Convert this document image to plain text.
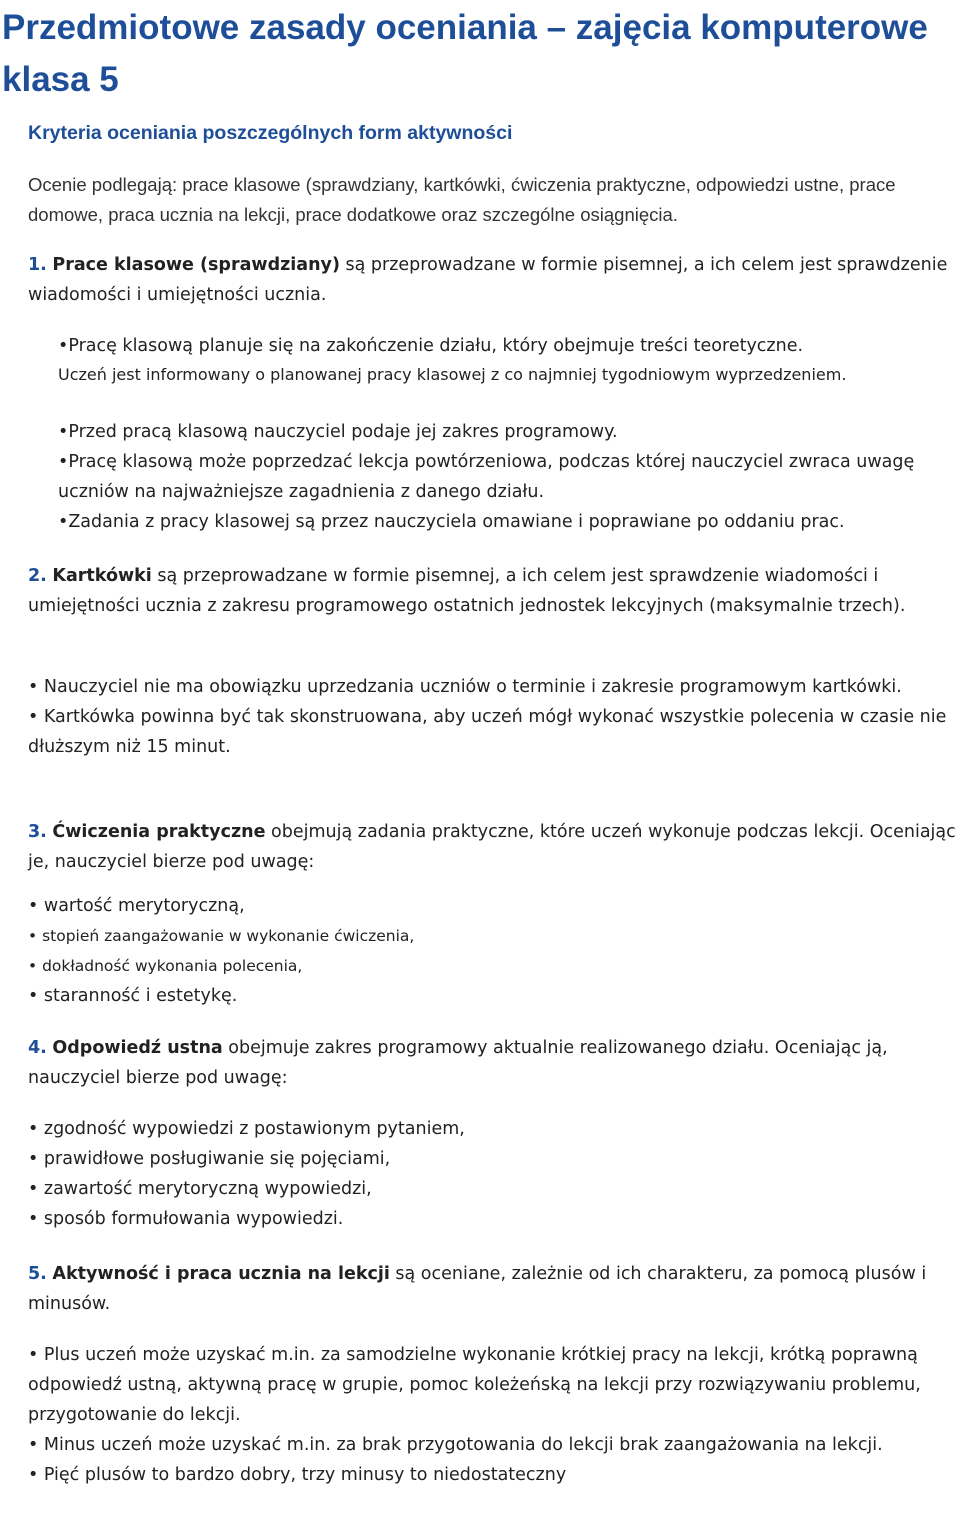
Przedmiotowe zasady oceniania – zajęcia komputerowe klasa 5
Kryteria oceniania poszczególnych form aktywności

Ocenie podlegają: prace klasowe (sprawdziany, kartkówki, ćwiczenia praktyczne, odpowiedzi ustne, prace domowe, praca ucznia na lekcji, prace dodatkowe oraz szczególne osiągnięcia.

1. Prace klasowe (sprawdziany) są przeprowadzane w formie pisemnej, a ich celem jest sprawdzenie wiadomości i umiejętności ucznia.

•Pracę klasową planuje się na zakończenie działu, który obejmuje treści teoretyczne.
Uczeń jest informowany o planowanej pracy klasowej z co najmniej tygodniowym wyprzedzeniem.
•Przed pracą klasową nauczyciel podaje jej zakres programowy.
•Pracę klasową może poprzedzać lekcja powtórzeniowa, podczas której nauczyciel zwraca uwagę uczniów na najważniejsze zagadnienia z danego działu.
•Zadania z pracy klasowej są przez nauczyciela omawiane i poprawiane po oddaniu prac.

2. Kartkówki są przeprowadzane w formie pisemnej, a ich celem jest sprawdzenie wiadomości i umiejętności ucznia z zakresu programowego ostatnich jednostek lekcyjnych (maksymalnie trzech).

• Nauczyciel nie ma obowiązku uprzedzania uczniów o terminie i zakresie programowym kartkówki.
• Kartkówka powinna być tak skonstruowana, aby uczeń mógł wykonać wszystkie polecenia w czasie nie dłuższym niż 15 minut.

3. Ćwiczenia praktyczne obejmują zadania praktyczne, które uczeń wykonuje podczas lekcji. Oceniając je, nauczyciel bierze pod uwagę:

• wartość merytoryczną,
• stopień zaangażowanie w wykonanie ćwiczenia,
• dokładność wykonania polecenia,
• staranność i estetykę.

4. Odpowiedź ustna obejmuje zakres programowy aktualnie realizowanego działu. Oceniając ją, nauczyciel bierze pod uwagę:

• zgodność wypowiedzi z postawionym pytaniem,
• prawidłowe posługiwanie się pojęciami,
• zawartość merytoryczną wypowiedzi,
• sposób formułowania wypowiedzi.

5. Aktywność i praca ucznia na lekcji są oceniane, zależnie od ich charakteru, za pomocą plusów i minusów.

• Plus uczeń może uzyskać m.in. za samodzielne wykonanie krótkiej pracy na lekcji, krótką poprawną odpowiedź ustną, aktywną pracę w grupie, pomoc koleżeńską na lekcji przy rozwiązywaniu problemu, przygotowanie do lekcji.
• Minus uczeń może uzyskać m.in. za brak przygotowania do lekcji brak zaangażowania na lekcji.
• Pięć plusów to bardzo dobry, trzy minusy to niedostateczny
